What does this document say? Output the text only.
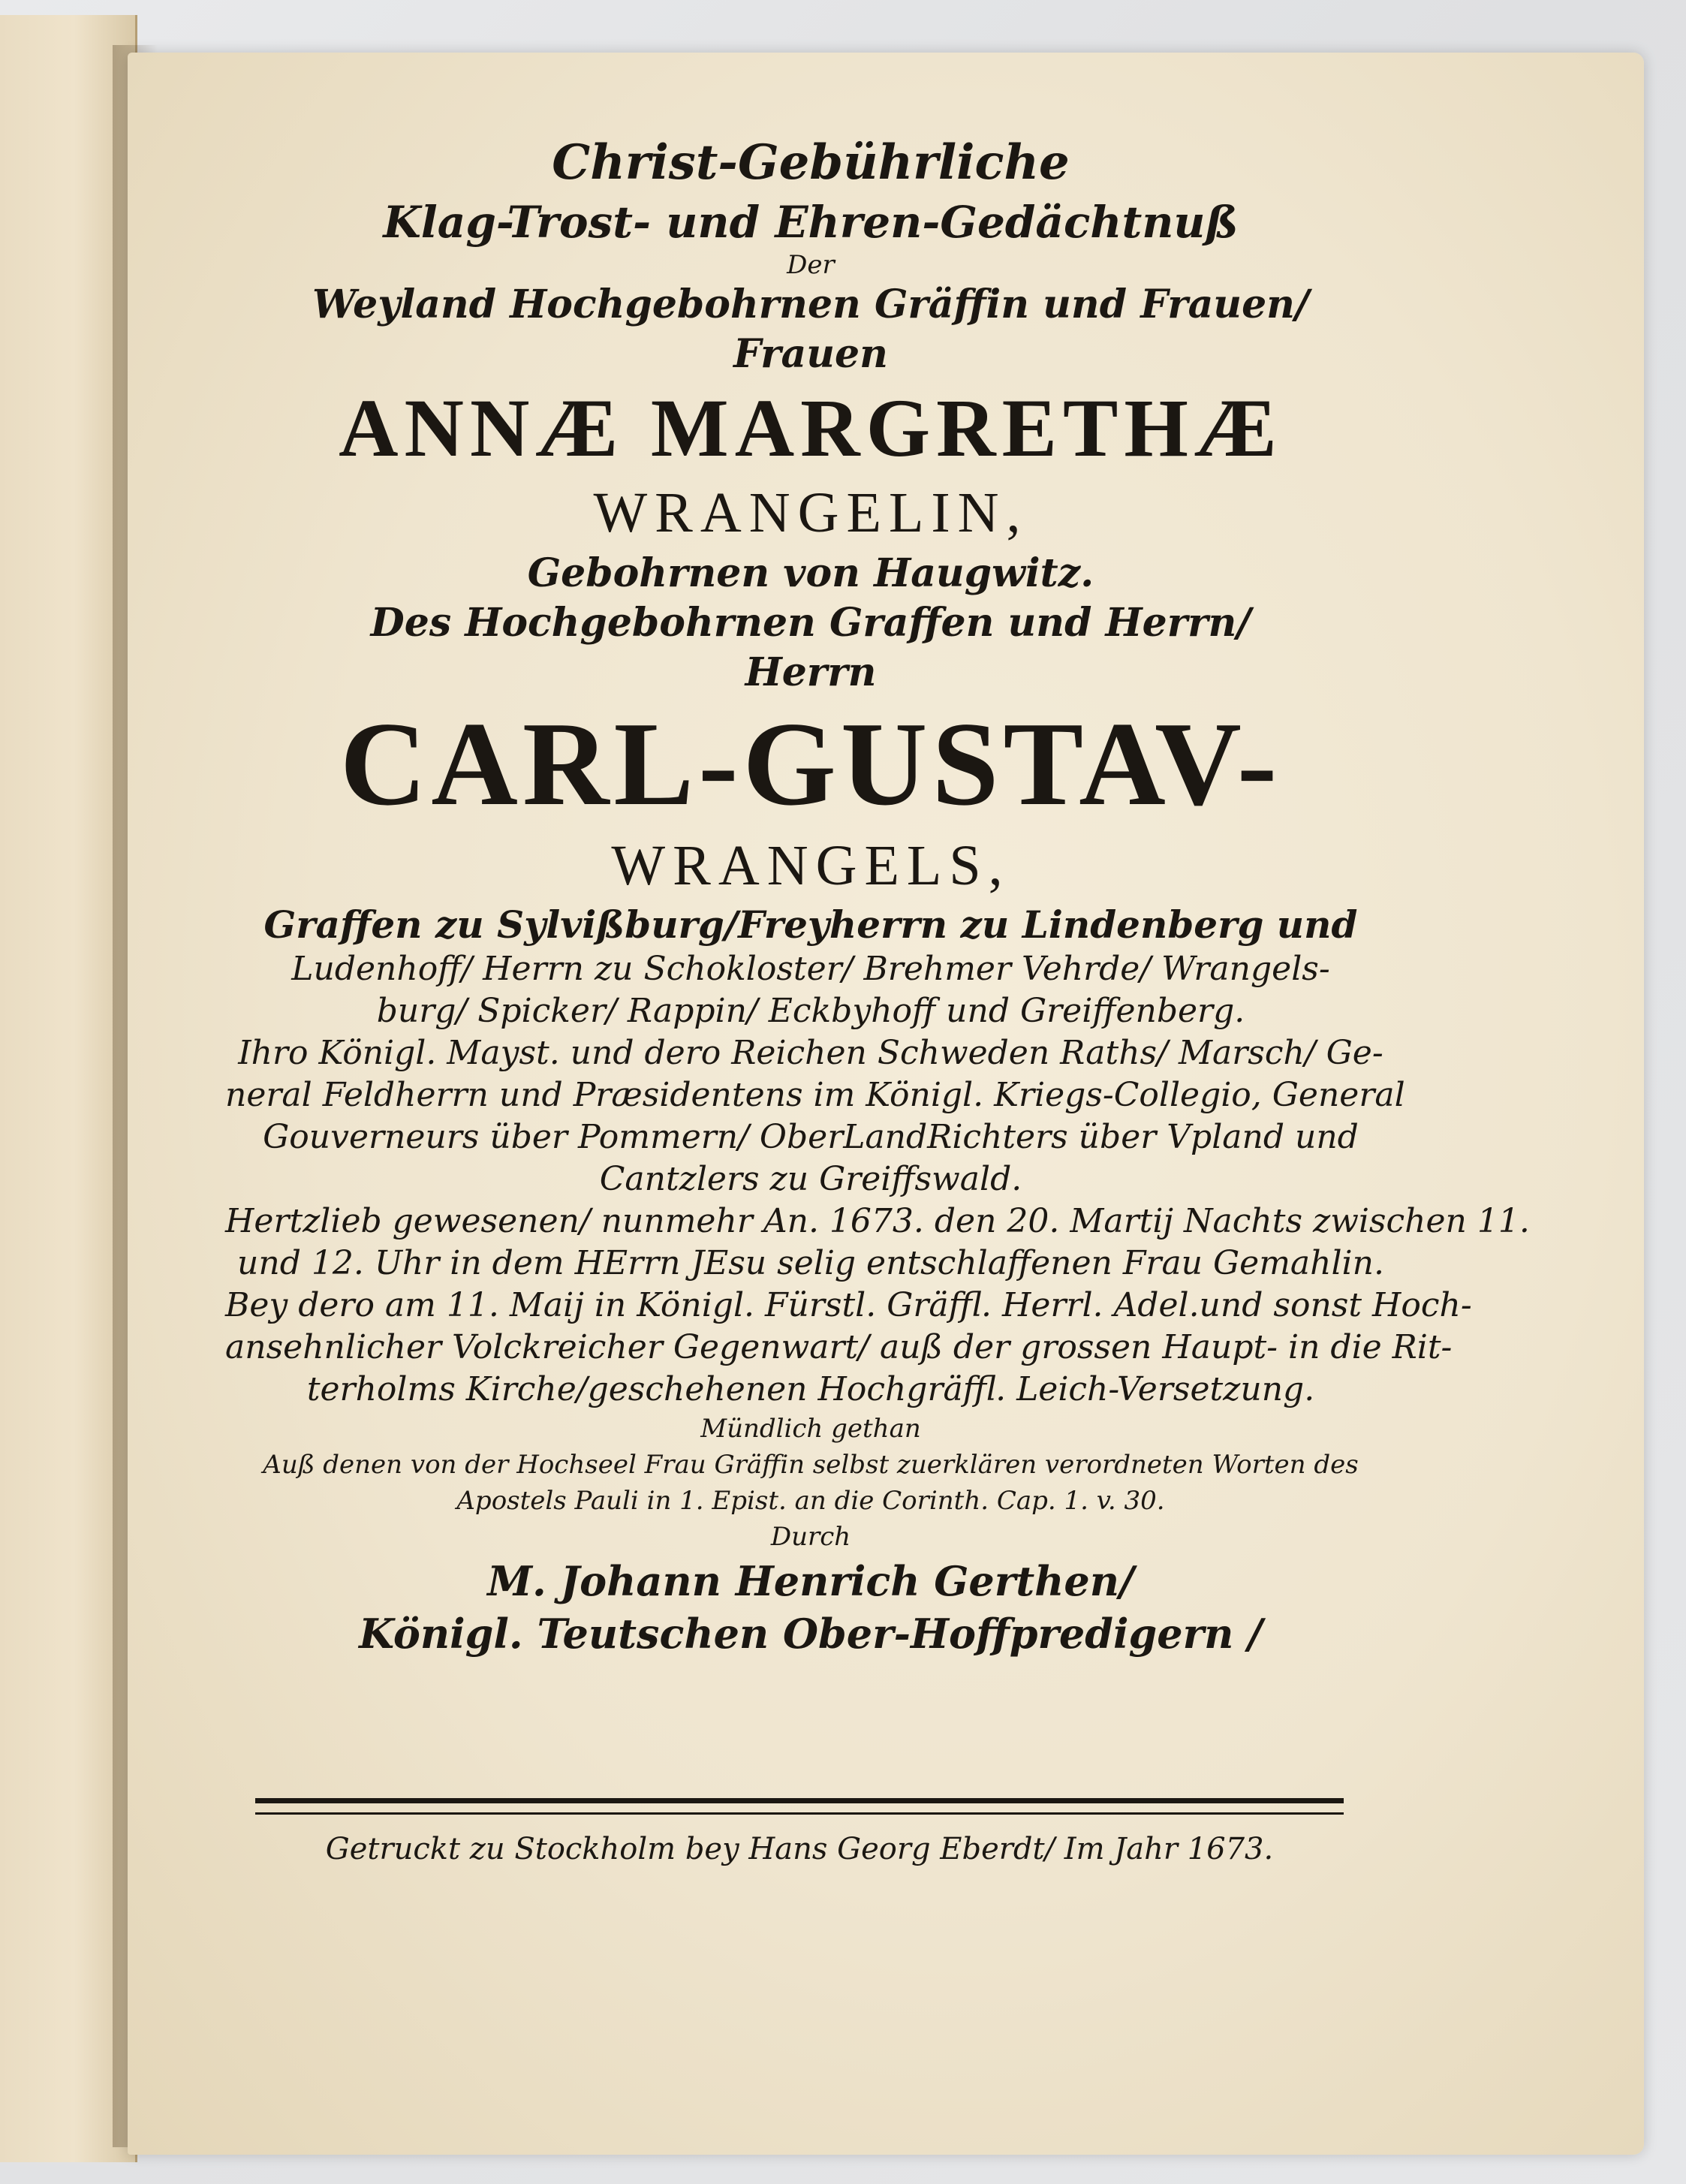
Christ-Gebührliche
Klag-Trost- und Ehren-Gedächtnuß
Der
Weyland Hochgebohrnen Gräffin und Frauen/
Frauen
ANNÆ MARGRETHÆ
WRANGELIN,
Gebohrnen von Haugwitz.
Des Hochgebohrnen Graffen und Herrn/
Herrn
CARL-GUSTAV-
WRANGELS,
Graffen zu Sylvißburg/Freyherrn zu Lindenberg und
Ludenhoff/ Herrn zu Schokloster/ Brehmer Vehrde/ Wrangels-
burg/ Spicker/ Rappin/ Eckbyhoff und Greiffenberg.
Ihro Königl. Mayst. und dero Reichen Schweden Raths/ Marsch/ Ge-
neral Feldherrn und Præsidentens im Königl. Kriegs-Collegio, General
Gouverneurs über Pommern/ OberLandRichters über Vpland und
Cantzlers zu Greiffswald.
Hertzlieb gewesenen/ nunmehr An. 1673. den 20. Martij Nachts zwischen 11.
und 12. Uhr in dem HErrn JEsu selig entschlaffenen Frau Gemahlin.
Bey dero am 11. Maij in Königl. Fürstl. Gräffl. Herrl. Adel.und sonst Hoch-
ansehnlicher Volckreicher Gegenwart/ auß der grossen Haupt- in die Rit-
terholms Kirche/geschehenen Hochgräffl. Leich-Versetzung.
Mündlich gethan
Auß denen von der Hochseel Frau Gräffin selbst zuerklären verordneten Worten des
Apostels Pauli in 1. Epist. an die Corinth. Cap. 1. v. 30.
Durch
M. Johann Henrich Gerthen/
Königl. Teutschen Ober-Hoffpredigern /
Getruckt zu Stockholm bey Hans Georg Eberdt/ Im Jahr 1673.
